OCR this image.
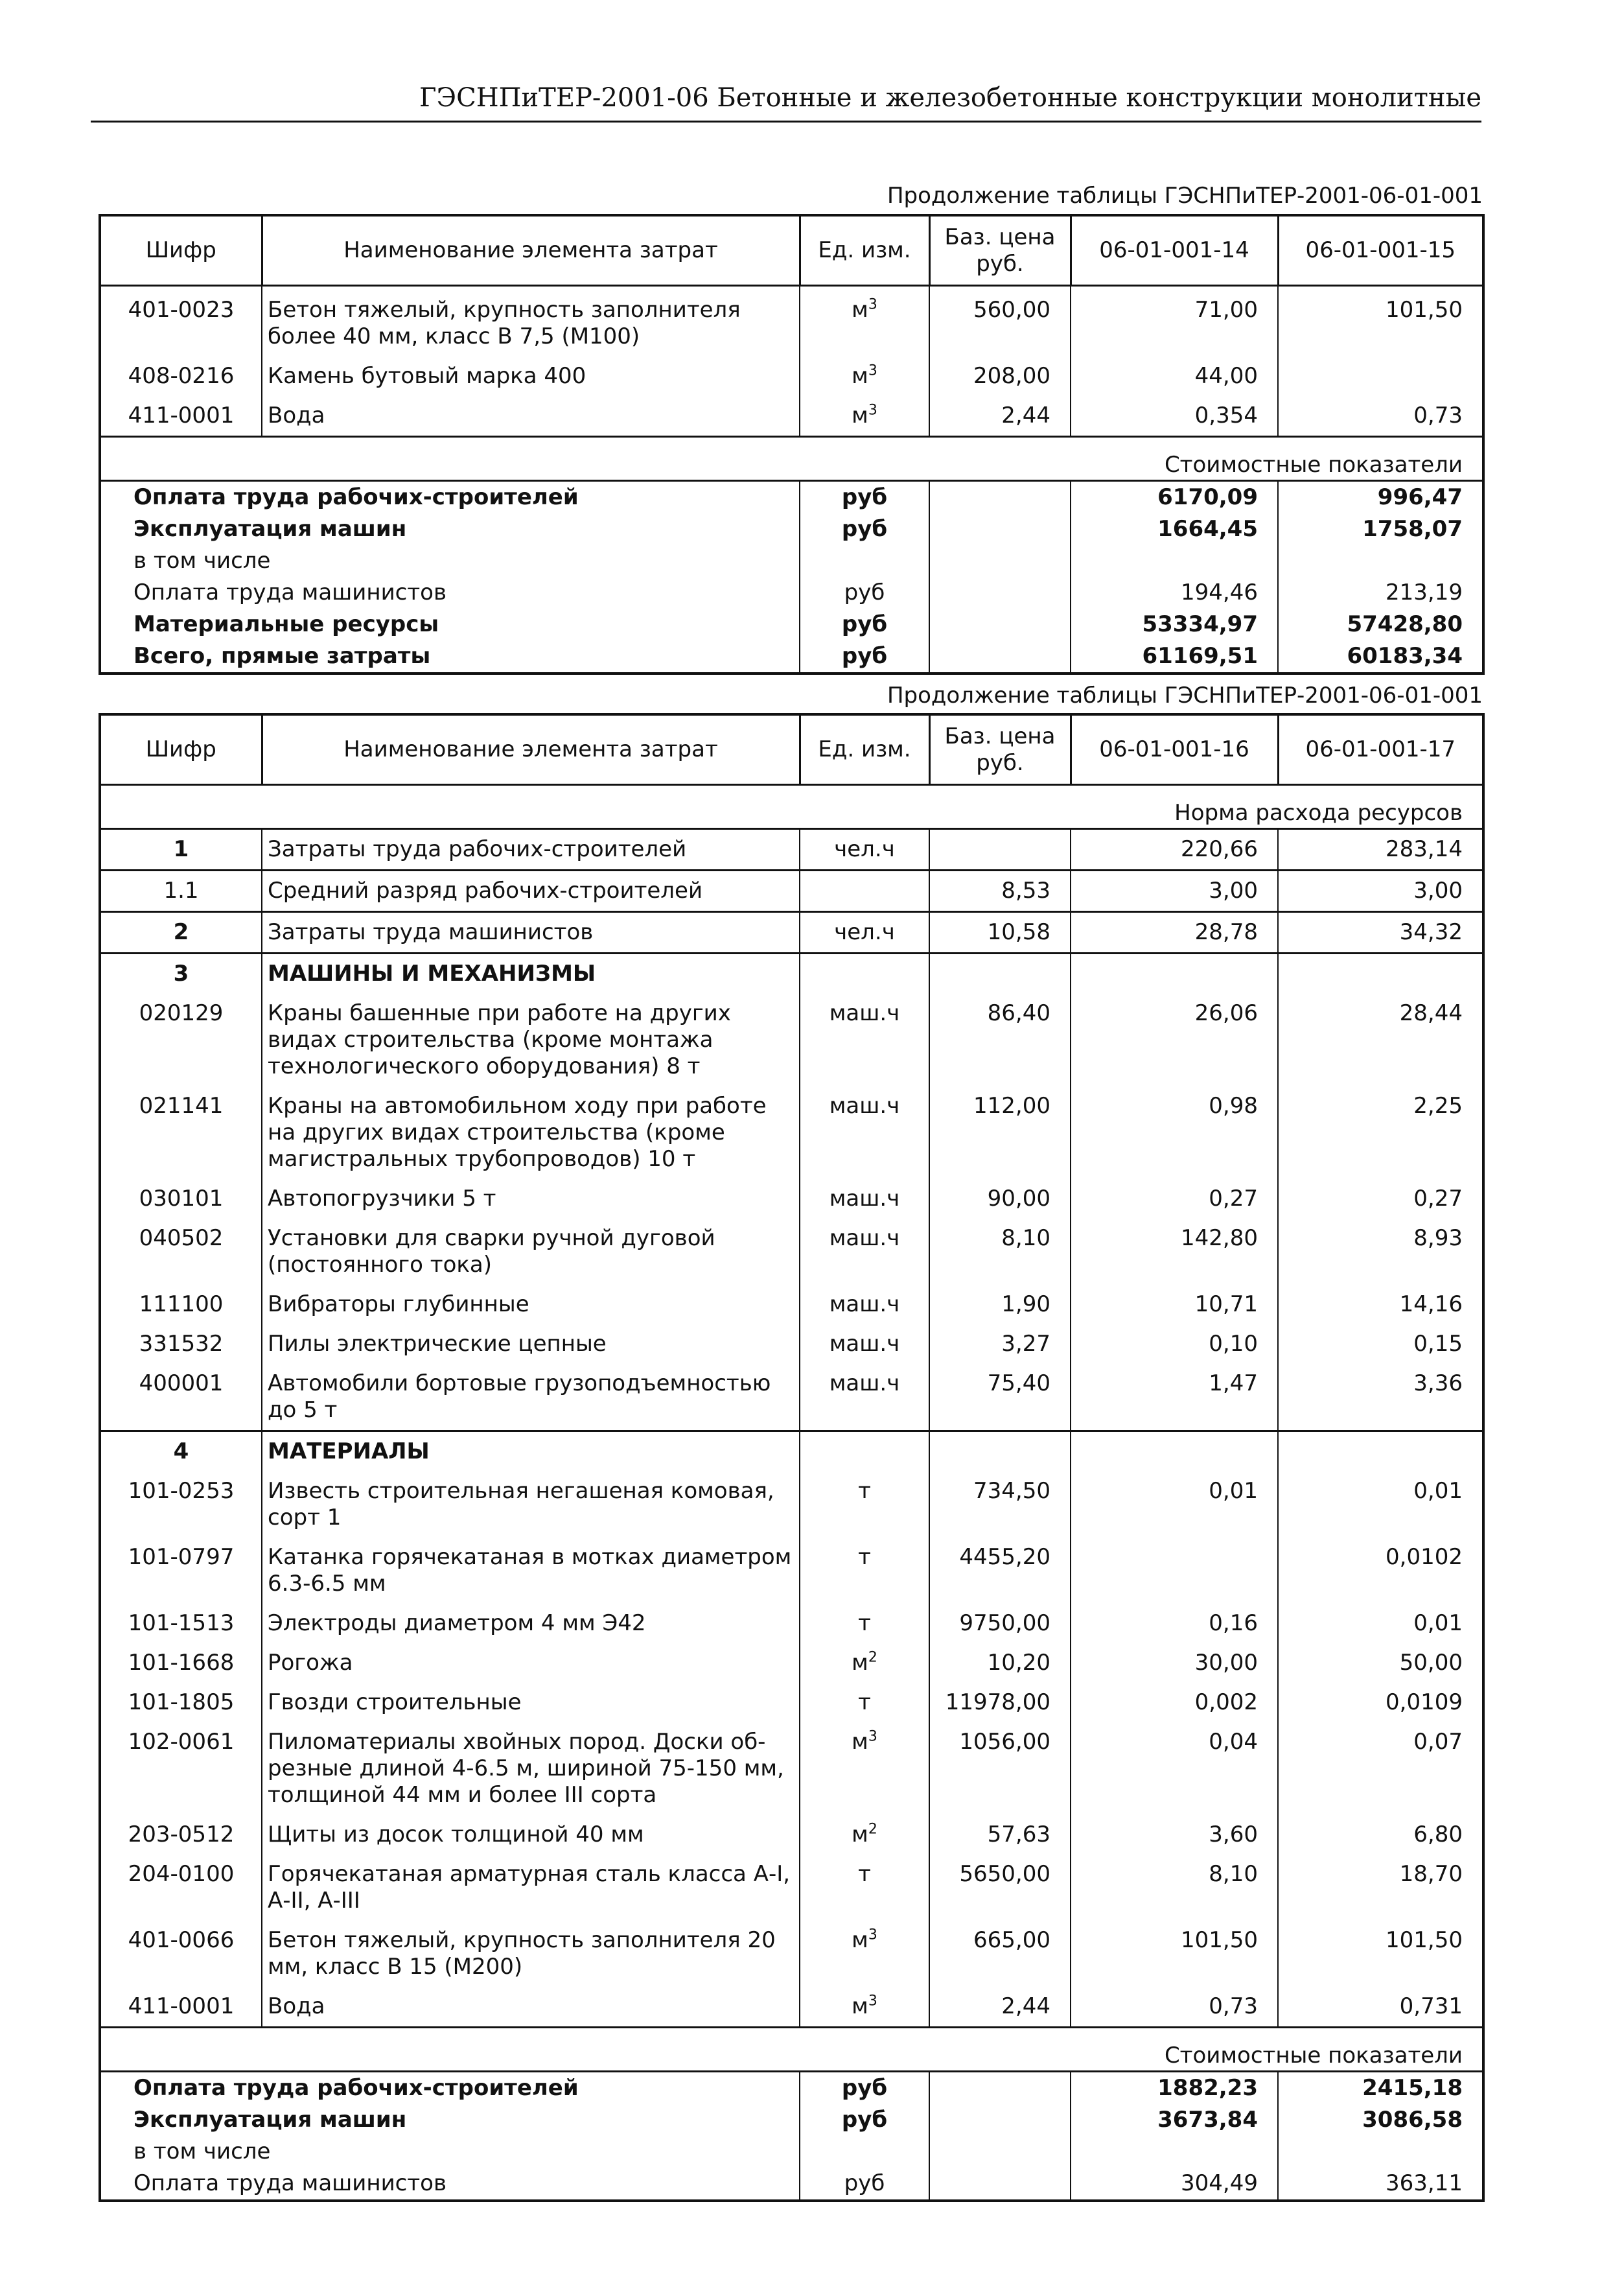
ГЭСНПиТЕР-2001-06 Бетонные и железобетонные конструкции монолитные
Продолжение таблицы ГЭСНПиТЕР-2001-06-01-001
Шифр	Наименование элемента затрат	Ед. изм.	Баз. цена руб.	06-01-001-14	06-01-001-15
401-0023	Бетон тяжелый, крупность заполнителя более 40 мм, класс В 7,5 (М100)	$м^3$	560,00	71,00	101,50
408-0216	Камень бутовый марка 400	$м^3$	208,00	44,00	
411-0001	Вода	$м^3$	2,44	0,354	0,73
Стоимостные показатели					
Оплата труда рабочих-строителей		руб		6170,09	996,47
Эксплуатация машин		руб		1664,45	1758,07
в том числе					
Оплата труда машинистов		руб		194,46	213,19
Материальные ресурсы		руб		53334,97	57428,80
Всего, прямые затраты		руб		61169,51	60183,34
Продолжение таблицы ГЭСНПиТЕР-2001-06-01-001
Шифр	Наименование элемента затрат	Ед. изм.	Баз. цена руб.	06-01-001-16	06-01-001-17
Норма расхода ресурсов					
1	Затраты труда рабочих-строителей	чел.ч		220,66	283,14
1.1	Средний разряд рабочих-строителей		8,53	3,00	3,00
2	Затраты труда машинистов	чел.ч	10,58	28,78	34,32
3	МАШИНЫ И МЕХАНИЗМЫ				
020129	Краны башенные при работе на других видах строительства (кроме монтажа технологического оборудования) 8 т	маш.ч	86,40	26,06	28,44
021141	Краны на автомобильном ходу при работе на других видах строительства (кроме магистральных трубопроводов) 10 т	маш.ч	112,00	0,98	2,25
030101	Автопогрузчики 5 т	маш.ч	90,00	0,27	0,27
040502	Установки для сварки ручной дуговой (постоянного тока)	маш.ч	8,10	142,80	8,93
111100	Вибраторы глубинные	маш.ч	1,90	10,71	14,16
331532	Пилы электрические цепные	маш.ч	3,27	0,10	0,15
400001	Автомобили бортовые грузоподъемностью до 5 т	маш.ч	75,40	1,47	3,36
4	МАТЕРИАЛЫ				
101-0253	Известь строительная негашеная комовая, сорт 1	т	734,50	0,01	0,01
101-0797	Катанка горячекатаная в мотках диаметром 6.3-6.5 мм	т	4455,20		0,0102
101-1513	Электроды диаметром 4 мм Э42	т	9750,00	0,16	0,01
101-1668	Рогожа	$м^2$	10,20	30,00	50,00
101-1805	Гвозди строительные	т	11978,00	0,002	0,0109
102-0061	Пиломатериалы хвойных пород. Доски об-резные длиной 4-6.5 м, шириной 75-150 мм, толщиной 44 мм и более III сорта	$м^3$	1056,00	0,04	0,07
203-0512	Щиты из досок толщиной 40 мм	$м^2$	57,63	3,60	6,80
204-0100	Горячекатаная арматурная сталь класса А-I, А-II, А-III	т	5650,00	8,10	18,70
401-0066	Бетон тяжелый, крупность заполнителя 20 мм, класс В 15 (М200)	$м^3$	665,00	101,50	101,50
411-0001	Вода	$м^3$	2,44	0,73	0,731
Стоимостные показатели					
Оплата труда рабочих-строителей		руб		1882,23	2415,18
Эксплуатация машин		руб		3673,84	3086,58
в том числе					
Оплата труда машинистов		руб		304,49	363,11
